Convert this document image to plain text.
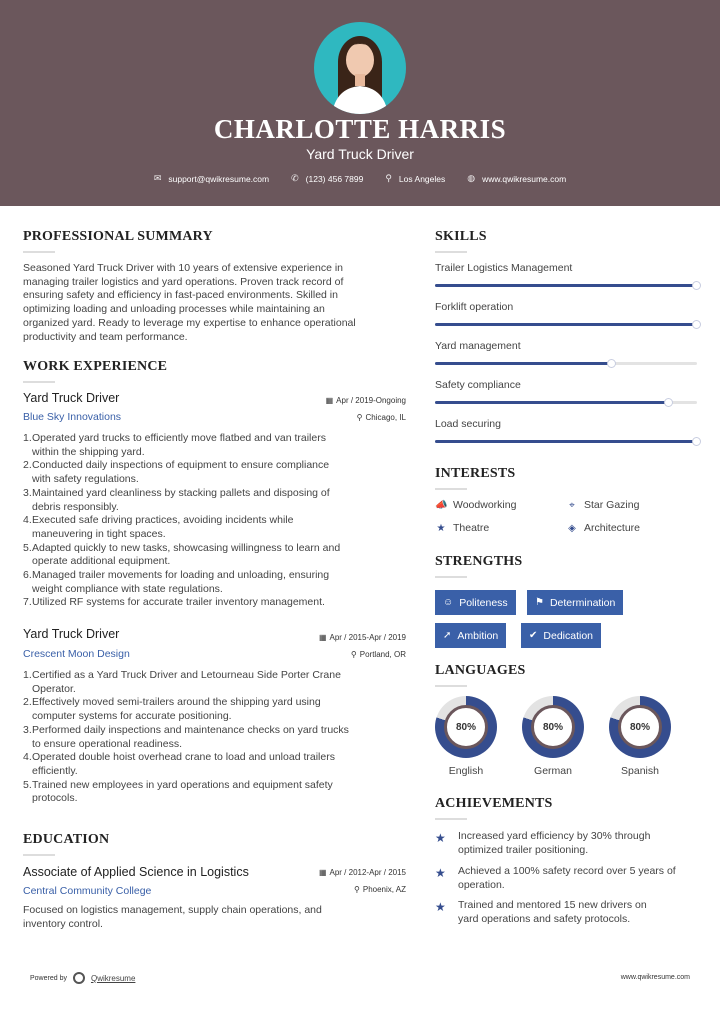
CHARLOTTE HARRIS
Yard Truck Driver
✉ support@qwikresume.com ✆ (123) 456 7899 ⚲ Los Angeles ◍ www.qwikresume.com
PROFESSIONAL SUMMARY
Seasoned Yard Truck Driver with 10 years of extensive experience in
managing trailer logistics and yard operations. Proven track record of
ensuring safety and efficiency in fast-paced environments. Skilled in
optimizing loading and unloading processes while maintaining an
organized yard. Ready to leverage my expertise to enhance operational
productivity and team performance.
WORK EXPERIENCE
Yard Truck Driver	▦ Apr / 2019-Ongoing
Blue Sky Innovations	⚲ Chicago, IL
1. Operated yard trucks to efficiently move flatbed and van trailers
within the shipping yard.
2. Conducted daily inspections of equipment to ensure compliance
with safety regulations.
3. Maintained yard cleanliness by stacking pallets and disposing of
debris responsibly.
4. Executed safe driving practices, avoiding incidents while
maneuvering in tight spaces.
5. Adapted quickly to new tasks, showcasing willingness to learn and
operate additional equipment.
6. Managed trailer movements for loading and unloading, ensuring
weight compliance with state regulations.
7. Utilized RF systems for accurate trailer inventory management.
Yard Truck Driver	▦ Apr / 2015-Apr / 2019
Crescent Moon Design	⚲ Portland, OR
1. Certified as a Yard Truck Driver and Letourneau Side Porter Crane
Operator.
2. Effectively moved semi-trailers around the shipping yard using
computer systems for accurate positioning.
3. Performed daily inspections and maintenance checks on yard trucks
to ensure operational readiness.
4. Operated double hoist overhead crane to load and unload trailers
efficiently.
5. Trained new employees in yard operations and equipment safety
protocols.
EDUCATION
Associate of Applied Science in Logistics	▦ Apr / 2012-Apr / 2015
Central Community College	⚲ Phoenix, AZ
Focused on logistics management, supply chain operations, and
inventory control.
SKILLS
Trailer Logistics Management
Forklift operation
Yard management
Safety compliance
Load securing
INTERESTS
📣 Woodworking	⌖ Star Gazing
★ Theatre	◈ Architecture
STRENGTHS
☺ Politeness	⚑ Determination
➚ Ambition	✔ Dedication
LANGUAGES
80%
English
80%
German
80%
Spanish
ACHIEVEMENTS
★ Increased yard efficiency by 30% through
optimized trailer positioning.
★ Achieved a 100% safety record over 5 years of
operation.
★ Trained and mentored 15 new drivers on
yard operations and safety protocols.
Powered by	Qwikresume	www.qwikresume.com
